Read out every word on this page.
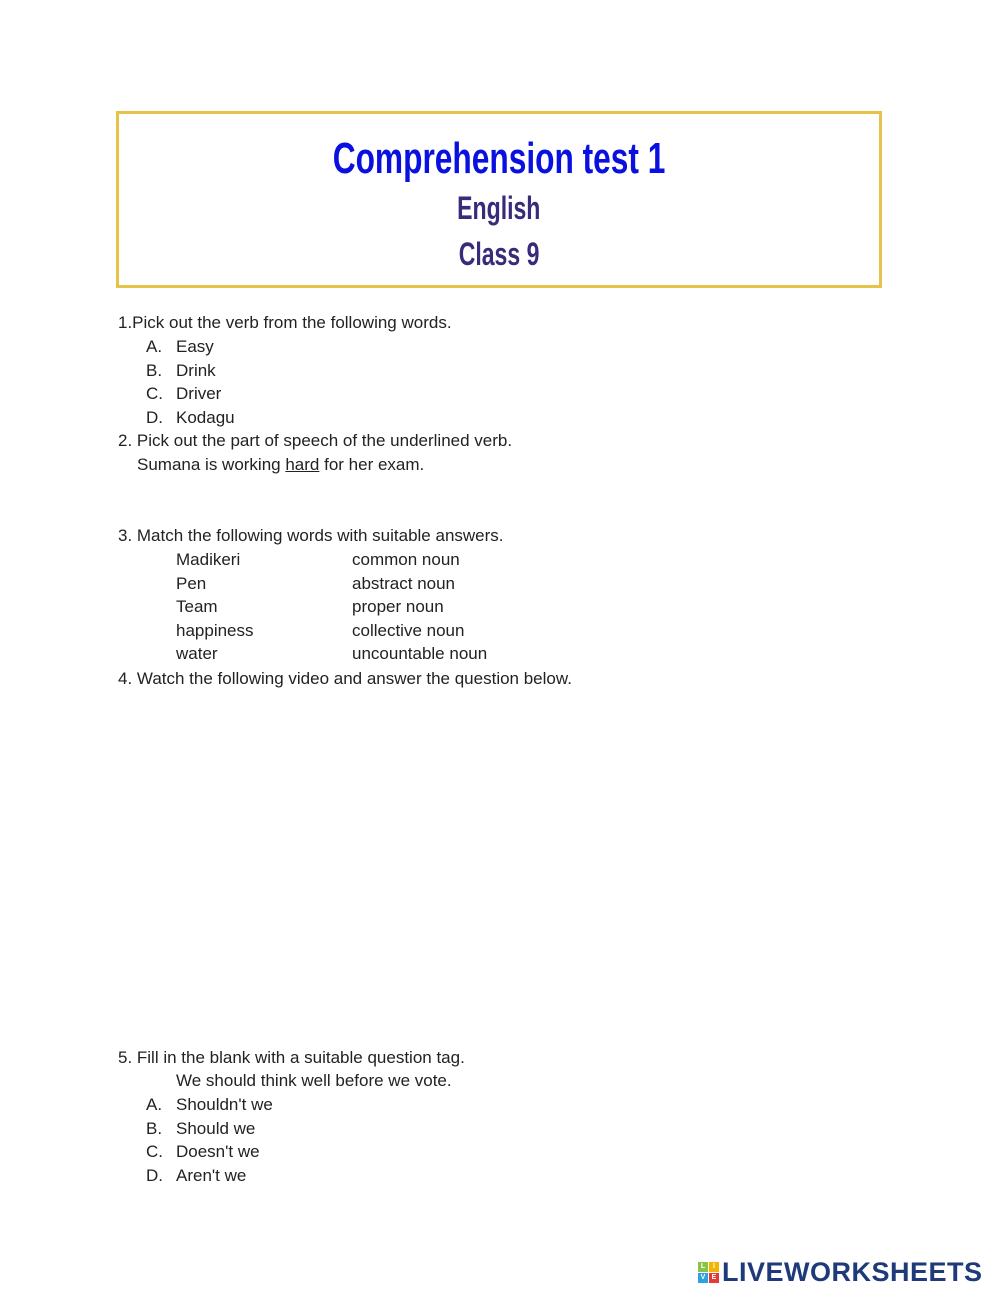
Comprehension test 1
English
Class 9
1.Pick out the verb from the following words.
2. Pick out the part of speech of the underlined verb.
Sumana is working hard for her exam.
3. Match the following words with suitable answers.
4. Watch the following video and answer the question below.
5. Fill in the blank with a suitable question tag.
We should think well before we vote.
L	I
V E LIVEWORKSHEETS
A. Easy
B. Drink
C. Driver
D. Kodagu
Madikeri	common noun
Pen	abstract noun
Team	proper noun
happiness	collective noun
water	uncountable noun
A. Shouldn't we
B. Should we
C. Doesn't we
D. Aren't we
